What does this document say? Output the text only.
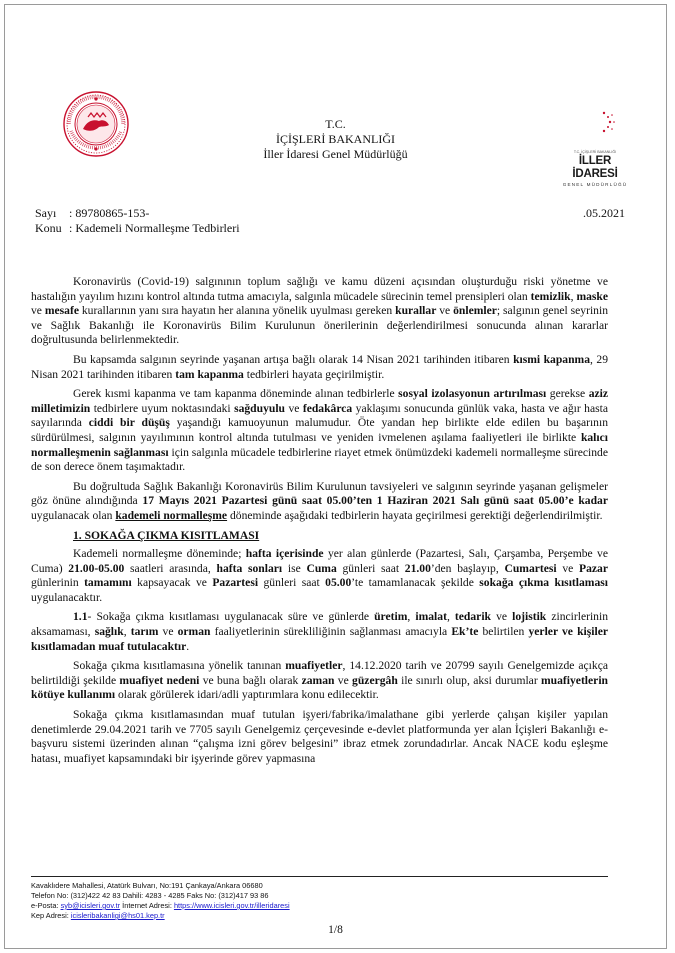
T.C. İÇİŞLERİ BAKANLIĞI
İLLER İDARESİ
GENEL MÜDÜRLÜĞÜ
T.C.
İÇİŞLERİ BAKANLIĞI
İller İdaresi Genel Müdürlüğü
Sayı : 89780865-153-
Konu : Kademeli Normalleşme Tedbirleri
.05.2021

Koronavirüs (Covid-19) salgınının toplum sağlığı ve kamu düzeni açısından oluşturduğu riski yönetme ve hastalığın yayılım hızını kontrol altında tutma amacıyla, salgınla mücadele sürecinin temel prensipleri olan temizlik, maske ve mesafe kurallarının yanı sıra hayatın her alanına yönelik uyulması gereken kurallar ve önlemler; salgının genel seyrinin ve Sağlık Bakanlığı ile Koronavirüs Bilim Kurulunun önerilerinin değerlendirilmesi sonucunda alınan kararlar doğrultusunda belirlenmektedir.

Bu kapsamda salgının seyrinde yaşanan artışa bağlı olarak 14 Nisan 2021 tarihinden itibaren kısmi kapanma, 29 Nisan 2021 tarihinden itibaren tam kapanma tedbirleri hayata geçirilmiştir.

Gerek kısmi kapanma ve tam kapanma döneminde alınan tedbirlerle sosyal izolasyonun artırılması gerekse aziz milletimizin tedbirlere uyum noktasındaki sağduyulu ve fedakârca yaklaşımı sonucunda günlük vaka, hasta ve ağır hasta sayılarında ciddi bir düşüş yaşandığı kamuoyunun malumudur. Öte yandan hep birlikte elde edilen bu başarının sürdürülmesi, salgının yayılımının kontrol altında tutulması ve yeniden ivmelenen aşılama faaliyetleri ile birlikte kalıcı normalleşmenin sağlanması için salgınla mücadele tedbirlerine riayet etmek önümüzdeki kademeli normalleşme sürecinde de son derece önem taşımaktadır.

Bu doğrultuda Sağlık Bakanlığı Koronavirüs Bilim Kurulunun tavsiyeleri ve salgının seyrinde yaşanan gelişmeler göz önüne alındığında 17 Mayıs 2021 Pazartesi günü saat 05.00’ten 1 Haziran 2021 Salı günü saat 05.00’e kadar uygulanacak olan kademeli normalleşme döneminde aşağıdaki tedbirlerin hayata geçirilmesi gerektiği değerlendirilmiştir.

1. SOKAĞA ÇIKMA KISITLAMASI

Kademeli normalleşme döneminde; hafta içerisinde yer alan günlerde (Pazartesi, Salı, Çarşamba, Perşembe ve Cuma) 21.00-05.00 saatleri arasında, hafta sonları ise Cuma günleri saat 21.00’den başlayıp, Cumartesi ve Pazar günlerinin tamamını kapsayacak ve Pazartesi günleri saat 05.00’te tamamlanacak şekilde sokağa çıkma kısıtlaması uygulanacaktır.

1.1- Sokağa çıkma kısıtlaması uygulanacak süre ve günlerde üretim, imalat, tedarik ve lojistik zincirlerinin aksamaması, sağlık, tarım ve orman faaliyetlerinin sürekliliğinin sağlanması amacıyla Ek’te belirtilen yerler ve kişiler kısıtlamadan muaf tutulacaktır.

Sokağa çıkma kısıtlamasına yönelik tanınan muafiyetler, 14.12.2020 tarih ve 20799 sayılı Genelgemizde açıkça belirtildiği şekilde muafiyet nedeni ve buna bağlı olarak zaman ve güzergâh ile sınırlı olup, aksi durumlar muafiyetlerin kötüye kullanımı olarak görülerek idari/adli yaptırımlara konu edilecektir.

Sokağa çıkma kısıtlamasından muaf tutulan işyeri/fabrika/imalathane gibi yerlerde çalışan kişiler yapılan denetimlerde 29.04.2021 tarih ve 7705 sayılı Genelgemiz çerçevesinde e-devlet platformunda yer alan İçişleri Bakanlığı e-başvuru sistemi üzerinden alınan “çalışma izni görev belgesini” ibraz etmek zorundadırlar. Ancak NACE kodu eşleşme hatası, muafiyet kapsamındaki bir işyerinde görev yapmasına

Kavaklıdere Mahallesi, Atatürk Bulvarı, No:191 Çankaya/Ankara 06680
Telefon No: (312)422 42 83 Dahili: 4283 - 4285 Faks No: (312)417 93 86
e-Posta: syb@icisleri.gov.tr İnternet Adresi: https://www.icisleri.gov.tr/illeridaresi
Kep Adresi: icisleribakanligi@hs01.kep.tr
1/8
